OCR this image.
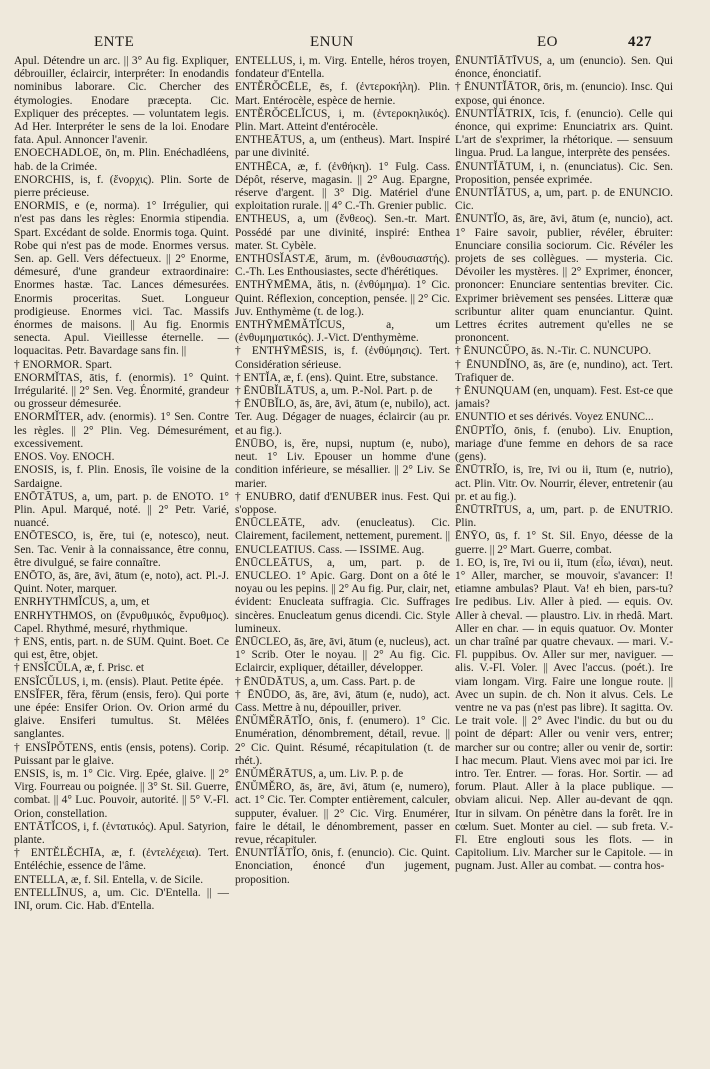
ENTE	ENUN	EO	427

Apul. Détendre un arc. || 3° Au fig. Expliquer, débrouiller, éclaircir, interpréter: In enodandis nominibus laborare. Cic. Chercher des étymologies. Enodare præcepta. Cic. Expliquer des préceptes. — voluntatem legis. Ad Her. Interpréter le sens de la loi. Enodare fata. Apul. Annoncer l'avenir.

ENOECHADLOE, ōn, m. Plin. Enéchadléens, hab. de la Crimée.

ENORCHIS, is, f. (ἔνορχις). Plin. Sorte de pierre précieuse.

ENORMIS, e (e, norma). 1° Irrégulier, qui n'est pas dans les règles: Enormia stipendia. Spart. Excédant de solde. Enormis toga. Quint. Robe qui n'est pas de mode. Enormes versus. Sen. ap. Gell. Vers défectueux. || 2° Enorme, démesuré, d'une grandeur extraordinaire: Enormes hastæ. Tac. Lances démesurées. Enormis proceritas. Suet. Longueur prodigieuse. Enormes vici. Tac. Massifs énormes de maisons. || Au fig. Enormis senecta. Apul. Vieillesse éternelle. — loquacitas. Petr. Bavardage sans fin. ||

† ENORMOR. Spart.

ENORMĬTAS, ātis, f. (enormis). 1° Quint. Irrégularité. || 2° Sen. Veg. Énormité, grandeur ou grosseur démesurée.

ENORMĬTER, adv. (enormis). 1° Sen. Contre les règles. || 2° Plin. Veg. Démesurément, excessivement.

ENOS. Voy. ENOCH.

ENOSIS, is, f. Plin. Enosis, île voisine de la Sardaigne.

ENŌTĀTUS, a, um, part. p. de ENOTO. 1° Plin. Apul. Marqué, noté. || 2° Petr. Varié, nuancé.

ENŌTESCO, is, ĕre, tui (e, notesco), neut. Sen. Tac. Venir à la connaissance, être connu, être divulgué, se faire connaître.

ENŌTO, ās, āre, āvi, ātum (e, noto), act. Pl.-J. Quint. Noter, marquer.

ENRHYTHMĬCUS, a, um, et

ENRHYTHMOS, on (ἔνρυθμικός, ἔνρυθμος). Capel. Rhythmé, mesuré, rhythmique.

† ENS, entis, part. n. de SUM. Quint. Boet. Ce qui est, être, objet.

† ENSĬCŬLA, æ, f. Prisc. et

ENSĬCŬLUS, i, m. (ensis). Plaut. Petite épée.

ENSĬFER, fĕra, fĕrum (ensis, fero). Qui porte une épée: Ensifer Orion. Ov. Orion armé du glaive. Ensiferi tumultus. St. Mêlées sanglantes.

† ENSĬPŎTENS, entis (ensis, potens). Corip. Puissant par le glaive.

ENSIS, is, m. 1° Cic. Virg. Epée, glaive. || 2° Virg. Fourreau ou poignée. || 3° St. Sil. Guerre, combat. || 4° Luc. Pouvoir, autorité. || 5° V.-Fl. Orion, constellation.

ENTĀTĬCOS, i, f. (ἐντατικός). Apul. Satyrion, plante.

† ENTĔLĔCHĪA, æ, f. (ἐντελέχεια). Tert. Entéléchie, essence de l'âme.

ENTELLA, æ, f. Sil. Entella, v. de Sicile.

ENTELLĪNUS, a, um. Cic. D'Entella. || — INI, orum. Cic. Hab. d'Entella.

ENTELLUS, i, m. Virg. Entelle, héros troyen, fondateur d'Entella.

ENTĔRŎCĒLE, ēs, f. (ἐντεροκήλη). Plin. Mart. Entérocèle, espèce de hernie.

ENTĔRŎCĒLĬCUS, i, m. (ἐντεροκηλικός). Plin. Mart. Atteint d'entérocèle.

ENTHEĀTUS, a, um (entheus). Mart. Inspiré par une divinité.

ENTHĒCA, æ, f. (ἐνθήκη). 1° Fulg. Cass. Dépôt, réserve, magasin. || 2° Aug. Epargne, réserve d'argent. || 3° Dig. Matériel d'une exploitation rurale. || 4° C.-Th. Grenier public.

ENTHEUS, a, um (ἔνθεος). Sen.-tr. Mart. Possédé par une divinité, inspiré: Enthea mater. St. Cybèle.

ENTHŪSĬASTÆ, ārum, m. (ἐνθουσιαστής). C.-Th. Les Enthousiastes, secte d'hérétiques.

ENTHȲMĒMA, ătis, n. (ἐνθύμημα). 1° Cic. Quint. Réflexion, conception, pensée. || 2° Cic. Juv. Enthymème (t. de log.).

ENTHȲMĒMĂTĬCUS, a, um (ἐνθυμηματικός). J.-Vict. D'enthymème.

† ENTHȲMĒSIS, is, f. (ἐνθύμησις). Tert. Considération sérieuse.

† ENTĬA, æ, f. (ens). Quint. Etre, substance.

† ĒNŪBĬLĀTUS, a, um. P.-Nol. Part. p. de

† ĒNŪBĬLO, ās, āre, āvi, ātum (e, nubilo), act. Ter. Aug. Dégager de nuages, éclaircir (au pr. et au fig.).

ĒNŪBO, is, ĕre, nupsi, nuptum (e, nubo), neut. 1° Liv. Epouser un homme d'une condition inférieure, se mésallier. || 2° Liv. Se marier.

† ENUBRO, datif d'ENUBER inus. Fest. Qui s'oppose.

ĒNŪCLEĀTE, adv. (enucleatus). Cic. Clairement, facilement, nettement, purement. || ENUCLEATIUS. Cass. — ISSIME. Aug.

ĒNŪCLEĀTUS, a, um, part. p. de ENUCLEO. 1° Apic. Garg. Dont on a ôté le noyau ou les pepins. || 2° Au fig. Pur, clair, net, évident: Enucleata suffragia. Cic. Suffrages sincères. Enucleatum genus dicendi. Cic. Style lumineux.

ĒNŪCLEO, ās, āre, āvi, ātum (e, nucleus), act. 1° Scrib. Oter le noyau. || 2° Au fig. Cic. Eclaircir, expliquer, détailler, développer.

† ĒNŪDĀTUS, a, um. Cass. Part. p. de

† ĒNŪDO, ās, āre, āvi, ātum (e, nudo), act. Cass. Mettre à nu, dépouiller, priver.

ĒNŬMĔRĀTĬO, ōnis, f. (enumero). 1° Cic. Enumération, dénombrement, détail, revue. || 2° Cic. Quint. Résumé, récapitulation (t. de rhét.).

ĒNŬMĔRĀTUS, a, um. Liv. P. p. de

ĒNŬMĔRO, ās, āre, āvi, ātum (e, numero), act. 1° Cic. Ter. Compter entièrement, calculer, supputer, évaluer. || 2° Cic. Virg. Enumérer, faire le détail, le dénombrement, passer en revue, récapituler.

ĒNUNTĬĀTĬO, ōnis, f. (enuncio). Cic. Quint. Enonciation, énoncé d'un jugement, proposition.

ĒNUNTĬĀTĪVUS, a, um (enuncio). Sen. Qui énonce, énonciatif.

† ĒNUNTĬĀTOR, ōris, m. (enuncio). Insc. Qui expose, qui énonce.

ĒNUNTĬĀTRIX, īcis, f. (enuncio). Celle qui énonce, qui exprime: Enunciatrix ars. Quint. L'art de s'exprimer, la rhétorique. — sensuum lingua. Prud. La langue, interprète des pensées.

ĒNUNTĬĀTUM, i, n. (enunciatus). Cic. Sen. Proposition, pensée exprimée.

ĒNUNTĬĀTUS, a, um, part. p. de ENUNCIO. Cic.

ĒNUNTĬO, ās, āre, āvi, ātum (e, nuncio), act. 1° Faire savoir, publier, révéler, ébruiter: Enunciare consilia sociorum. Cic. Révéler les projets de ses collègues. — mysteria. Cic. Dévoiler les mystères. || 2° Exprimer, énoncer, prononcer: Enunciare sententias breviter. Cic. Exprimer brièvement ses pensées. Litteræ quæ scribuntur aliter quam enunciantur. Quint. Lettres écrites autrement qu'elles ne se prononcent.

† ĒNUNCŬPO, ās. N.-Tir. C. NUNCUPO.

† ĒNUNDĬNO, ās, āre (e, nundino), act. Tert. Trafiquer de.

† ĒNUNQUAM (en, unquam). Fest. Est-ce que jamais?

ENUNTIO et ses dérivés. Voyez ENUNC...

ĒNŪPTĬO, ōnis, f. (enubo). Liv. Enuption, mariage d'une femme en dehors de sa race (gens).

ĒNŪTRĬO, is, īre, īvi ou ii, ītum (e, nutrio), act. Plin. Vitr. Ov. Nourrir, élever, entretenir (au pr. et au fig.).

ĒNŪTRĪTUS, a, um, part. p. de ENUTRIO. Plin.

ĒNȲO, ūs, f. 1° St. Sil. Enyo, déesse de la guerre. || 2° Mart. Guerre, combat.

1. EO, is, īre, īvi ou ii, ītum (εἶω, ἰέναι), neut. 1° Aller, marcher, se mouvoir, s'avancer: I! etiamne ambulas? Plaut. Va! eh bien, pars-tu? Ire pedibus. Liv. Aller à pied. — equis. Ov. Aller à cheval. — plaustro. Liv. in rhedâ. Mart. Aller en char. — in equis quatuor. Ov. Monter un char traîné par quatre chevaux. — mari. V.-Fl. puppibus. Ov. Aller sur mer, naviguer. — alis. V.-Fl. Voler. || Avec l'accus. (poét.). Ire viam longam. Virg. Faire une longue route. || Avec un supin. de ch. Non it alvus. Cels. Le ventre ne va pas (n'est pas libre). It sagitta. Ov. Le trait vole. || 2° Avec l'indic. du but ou du point de départ: Aller ou venir vers, entrer; marcher sur ou contre; aller ou venir de, sortir: I hac mecum. Plaut. Viens avec moi par ici. Ire intro. Ter. Entrer. — foras. Hor. Sortir. — ad forum. Plaut. Aller à la place publique. — obviam alicui. Nep. Aller au-devant de qqn. Itur in silvam. On pénètre dans la forêt. Ire in cœlum. Suet. Monter au ciel. — sub freta. V.-Fl. Etre englouti sous les flots. — in Capitolium. Liv. Marcher sur le Capitole. — in pugnam. Just. Aller au combat. — contra hos-
